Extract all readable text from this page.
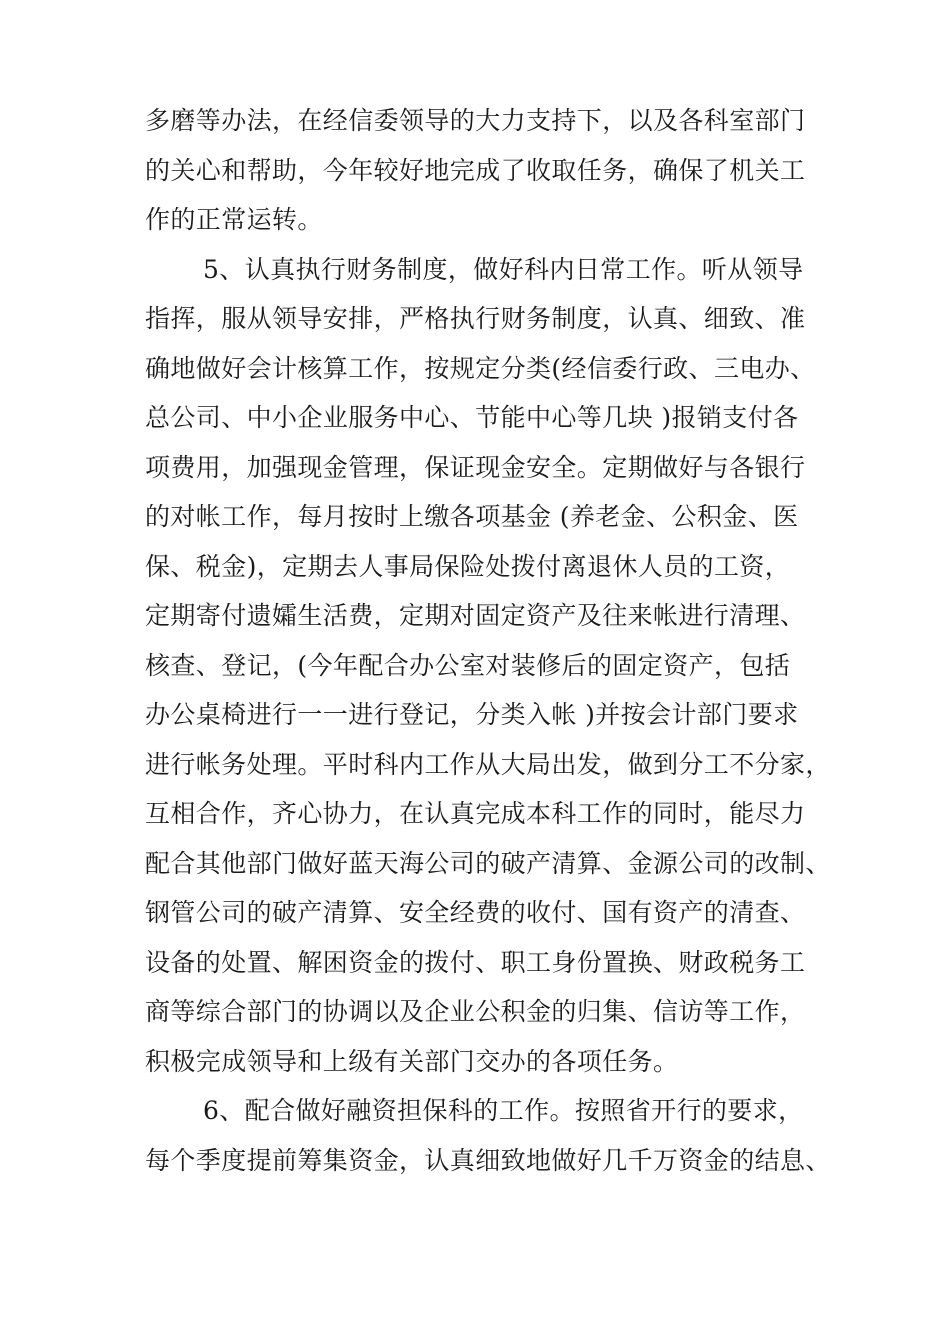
多磨等办法，在经信委领导的大力支持下，以及各科室部门
的关心和帮助，今年较好地完成了收取任务，确保了机关工
作的正常运转。
5、认真执行财务制度，做好科内日常工作。听从领导
指挥，服从领导安排，严格执行财务制度，认真、细致、准
确地做好会计核算工作，按规定分类(经信委行政、三电办、
总公司、中小企业服务中心、节能中心等几块 )报销支付各
项费用，加强现金管理，保证现金安全。定期做好与各银行
的对帐工作，每月按时上缴各项基金 (养老金、公积金、医
保、税金)，定期去人事局保险处拨付离退休人员的工资，
定期寄付遗孀生活费，定期对固定资产及往来帐进行清理、
核查、登记，(今年配合办公室对装修后的固定资产，包括
办公桌椅进行一一进行登记，分类入帐 )并按会计部门要求
进行帐务处理。平时科内工作从大局出发，做到分工不分家，
互相合作，齐心协力，在认真完成本科工作的同时，能尽力
配合其他部门做好蓝天海公司的破产清算、金源公司的改制、
钢管公司的破产清算、安全经费的收付、国有资产的清查、
设备的处置、解困资金的拨付、职工身份置换、财政税务工
商等综合部门的协调以及企业公积金的归集、信访等工作，
积极完成领导和上级有关部门交办的各项任务。
6、配合做好融资担保科的工作。按照省开行的要求，
每个季度提前筹集资金，认真细致地做好几千万资金的结息、
